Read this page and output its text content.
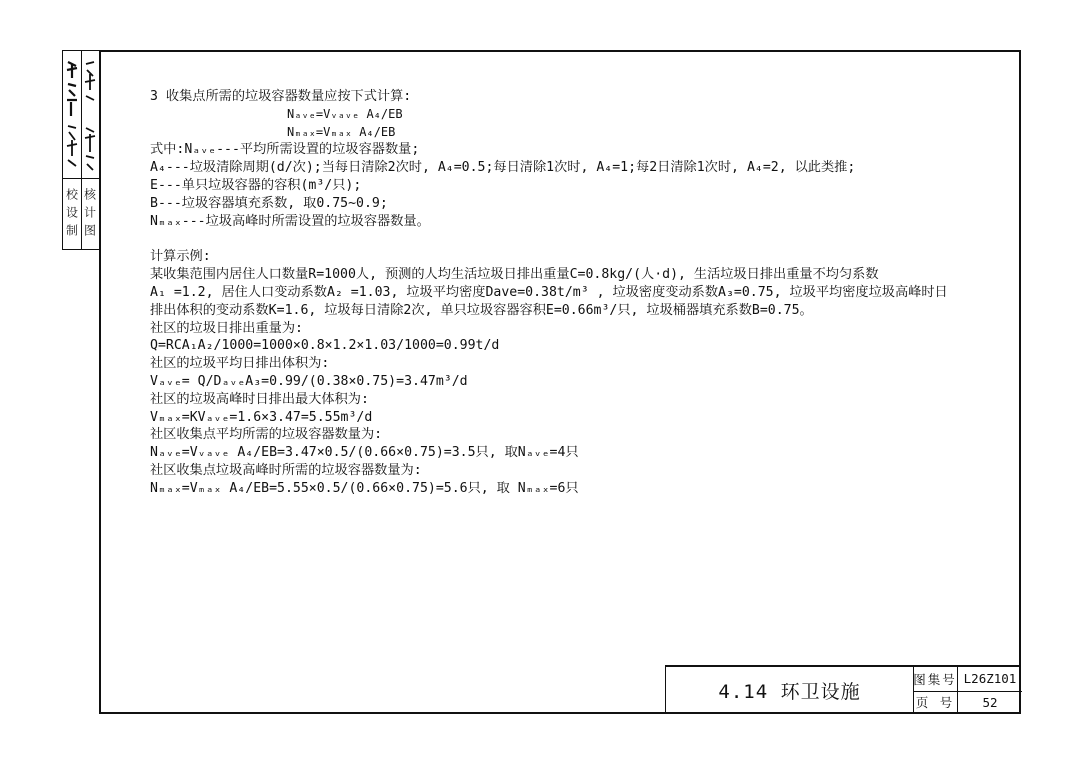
校设制 核计图
3 收集点所需的垃圾容器数量应按下式计算:
Nₐᵥₑ=Vᵥₐᵥₑ A₄/EB
Nₘₐₓ=Vₘₐₓ A₄/EB
式中:Nₐᵥₑ---平均所需设置的垃圾容器数量;
A₄---垃圾清除周期(d/次);当每日清除2次时, A₄=0.5;每日清除1次时, A₄=1;每2日清除1次时, A₄=2, 以此类推;
E---单只垃圾容器的容积(m³/只);
B---垃圾容器填充系数, 取0.75~0.9;
Nₘₐₓ---垃圾高峰时所需设置的垃圾容器数量。
计算示例:
某收集范围内居住人口数量R=1000人, 预测的人均生活垃圾日排出重量C=0.8kg/(人·d), 生活垃圾日排出重量不均匀系数
A₁ =1.2, 居住人口变动系数A₂ =1.03, 垃圾平均密度Dave=0.38t/m³ , 垃圾密度变动系数A₃=0.75, 垃圾平均密度垃圾高峰时日
排出体积的变动系数K=1.6, 垃圾每日清除2次, 单只垃圾容器容积E=0.66m³/只, 垃圾桶器填充系数B=0.75。
社区的垃圾日排出重量为:
Q=RCA₁A₂/1000=1000×0.8×1.2×1.03/1000=0.99t/d
社区的垃圾平均日排出体积为:
Vₐᵥₑ= Q/DₐᵥₑA₃=0.99/(0.38×0.75)=3.47m³/d
社区的垃圾高峰时日排出最大体积为:
Vₘₐₓ=KVₐᵥₑ=1.6×3.47=5.55m³/d
社区收集点平均所需的垃圾容器数量为:
Nₐᵥₑ=Vᵥₐᵥₑ A₄/EB=3.47×0.5/(0.66×0.75)=3.5只, 取Nₐᵥₑ=4只
社区收集点垃圾高峰时所需的垃圾容器数量为:
Nₘₐₓ=Vₘₐₓ A₄/EB=5.55×0.5/(0.66×0.75)=5.6只, 取 Nₘₐₓ=6只
4.14 环卫设施
图集号 L26Z101
页 号	52
